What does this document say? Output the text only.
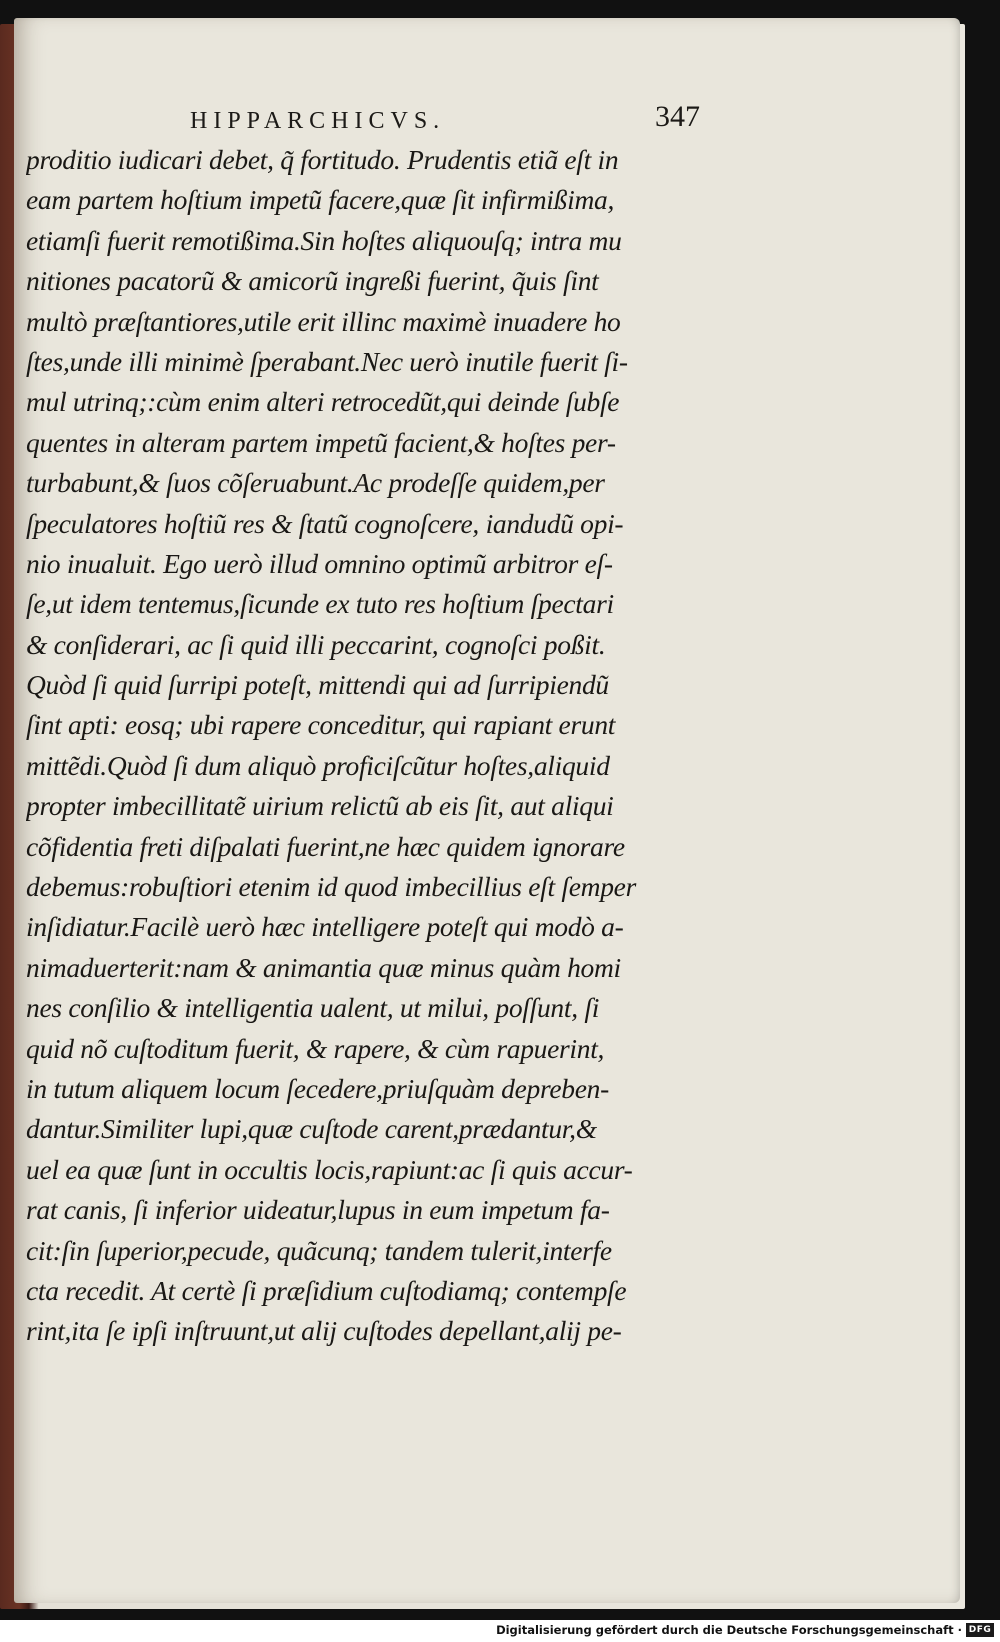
HIPPARCHICVS.	347
proditio iudicari debet, q̃ fortitudo. Prudentis etiã eſt in
eam partem hoſtium impetũ facere,quæ ſit infirmißima,
etiamſi fuerit remotißima.Sin hoſtes aliquouſq; intra mu
nitiones pacatorũ & amicorũ ingreßi fuerint, q̃uis ſint
multò præſtantiores,utile erit illinc maximè inuadere ho
ſtes,unde illi minimè ſperabant.Nec uerò inutile fuerit ſi-
mul utrinq;:cùm enim alteri retrocedũt,qui deinde ſubſe
quentes in alteram partem impetũ facient,& hoſtes per-
turbabunt,& ſuos cõſeruabunt.Ac prodeſſe quidem,per
ſpeculatores hoſtiũ res & ſtatũ cognoſcere, iandudũ opi-
nio inualuit. Ego uerò illud omnino optimũ arbitror eſ-
ſe,ut idem tentemus,ſicunde ex tuto res hoſtium ſpectari
& conſiderari, ac ſi quid illi peccarint, cognoſci poßit.
Quòd ſi quid ſurripi poteſt, mittendi qui ad ſurripiendũ
ſint apti: eosq; ubi rapere conceditur, qui rapiant erunt
mittẽdi.Quòd ſi dum aliquò proficiſcũtur hoſtes,aliquid
propter imbecillitatẽ uirium relictũ ab eis ſit, aut aliqui
cõfidentia freti diſpalati fuerint,ne hæc quidem ignorare
debemus:robuſtiori etenim id quod imbecillius eſt ſemper
inſidiatur.Facilè uerò hæc intelligere poteſt qui modò a-
nimaduerterit:nam & animantia quæ minus quàm homi
nes conſilio & intelligentia ualent, ut milui, poſſunt, ſi
quid nõ cuſtoditum fuerit, & rapere, & cùm rapuerint,
in tutum aliquem locum ſecedere,priuſquàm depreben-
dantur.Similiter lupi,quæ cuſtode carent,prædantur,&
uel ea quæ ſunt in occultis locis,rapiunt:ac ſi quis accur-
rat canis, ſi inferior uideatur,lupus in eum impetum fa-
cit:ſin ſuperior,pecude, quãcunq; tandem tulerit,interfe
cta recedit. At certè ſi præſidium cuſtodiamq; contempſe
rint,ita ſe ipſi inſtruunt,ut alij cuſtodes depellant,alij pe-
Digitalisierung gefördert durch die Deutsche Forschungsgemeinschaft · DFG
